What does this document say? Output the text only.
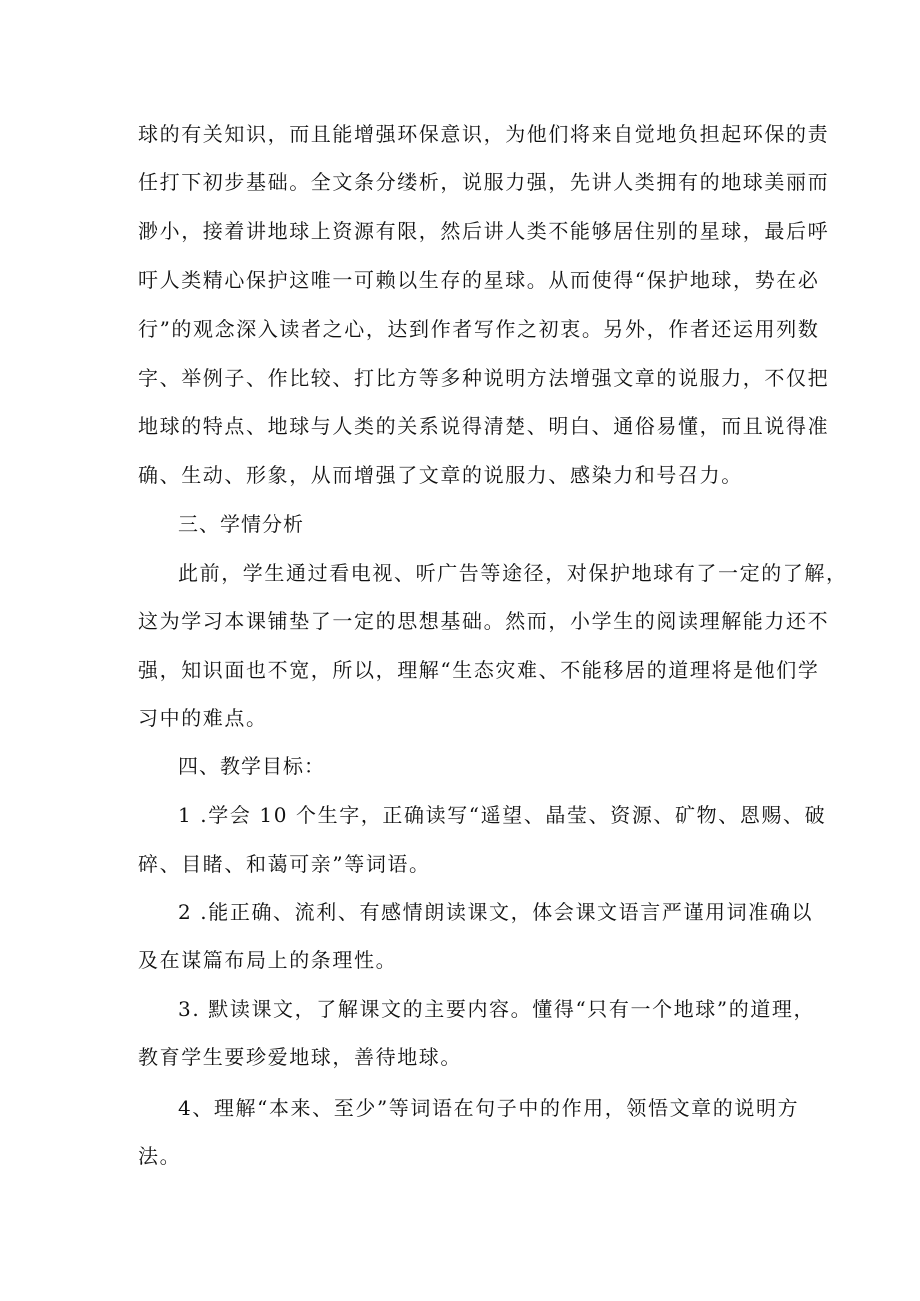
球的有关知识，而且能增强环保意识，为他们将来自觉地负担起环保的责
任打下初步基础。全文条分缕析，说服力强，先讲人类拥有的地球美丽而
渺小，接着讲地球上资源有限，然后讲人类不能够居住别的星球，最后呼
吁人类精心保护这唯一可赖以生存的星球。从而使得“保护地球，势在必
行”的观念深入读者之心，达到作者写作之初衷。另外，作者还运用列数
字、举例子、作比较、打比方等多种说明方法增强文章的说服力，不仅把
地球的特点、地球与人类的关系说得清楚、明白、通俗易懂，而且说得准
确、生动、形象，从而增强了文章的说服力、感染力和号召力。
三、学情分析
此前，学生通过看电视、听广告等途径，对保护地球有了一定的了解，
这为学习本课铺垫了一定的思想基础。然而，小学生的阅读理解能力还不
强，知识面也不宽，所以，理解“生态灾难、不能移居的道理将是他们学
习中的难点。
四、教学目标：
1 .学会 10 个生字，正确读写“遥望、晶莹、资源、矿物、恩赐、破
碎、目睹、和蔼可亲”等词语。
2 .能正确、流利、有感情朗读课文，体会课文语言严谨用词准确以
及在谋篇布局上的条理性。
3. 默读课文，了解课文的主要内容。懂得“只有一个地球”的道理，
教育学生要珍爱地球，善待地球。
4、理解“本来、至少”等词语在句子中的作用，领悟文章的说明方
法。
